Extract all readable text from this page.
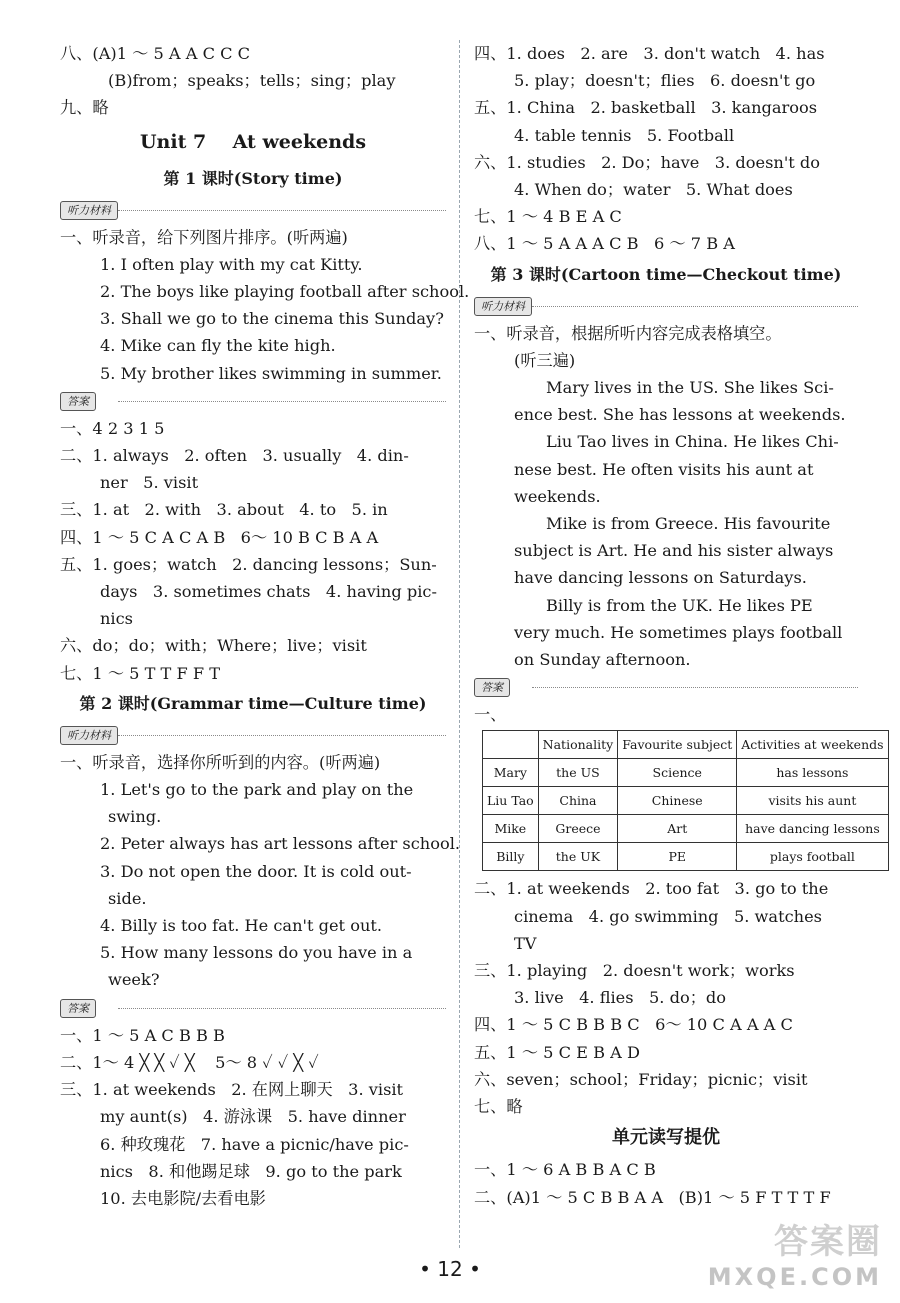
八、(A)1 ～ 5 A A C C C
(B)from；speaks；tells；sing；play
九、略
Unit 7    At weekends
第 1 课时(Story time)
听力材料
一、听录音，给下列图片排序。(听两遍)
1. I often play with my cat Kitty.
2. The boys like playing football after school.
3. Shall we go to the cinema this Sunday?
4. Mike can fly the kite high.
5. My brother likes swimming in summer.
答案
一、4 2 3 1 5
二、1. always   2. often   3. usually   4. din-
ner   5. visit
三、1. at   2. with   3. about   4. to   5. in
四、1 ～ 5 C A C A B   6～ 10 B C B A A
五、1. goes；watch   2. dancing lessons；Sun-
days   3. sometimes chats   4. having pic-
nics
六、do；do；with；Where；live；visit
七、1 ～ 5 T T F F T
第 2 课时(Grammar time—Culture time)
听力材料
一、听录音，选择你所听到的内容。(听两遍)
1. Let's go to the park and play on the
swing.
2. Peter always has art lessons after school.
3. Do not open the door. It is cold out-
side.
4. Billy is too fat. He can't get out.
5. How many lessons do you have in a
week?
答案
一、1 ～ 5 A C B B B
二、1～ 4 ╳ ╳ ✓ ╳    5～ 8 ✓ ✓ ╳ ✓
三、1. at weekends   2. 在网上聊天   3. visit
my aunt(s)   4. 游泳课   5. have dinner
6. 种玫瑰花   7. have a picnic/have pic-
nics   8. 和他踢足球   9. go to the park
10. 去电影院/去看电影
四、1. does   2. are   3. don't watch   4. has
5. play；doesn't；flies   6. doesn't go
五、1. China   2. basketball   3. kangaroos
4. table tennis   5. Football
六、1. studies   2. Do；have   3. doesn't do
4. When do；water   5. What does
七、1 ～ 4 B E A C
八、1 ～ 5 A A A C B   6 ～ 7 B A
第 3 课时(Cartoon time—Checkout time)
听力材料
一、听录音，根据所听内容完成表格填空。
(听三遍)
Mary lives in the US. She likes Sci-
ence best. She has lessons at weekends.
Liu Tao lives in China. He likes Chi-
nese best. He often visits his aunt at
weekends.
Mike is from Greece. His favourite
subject is Art. He and his sister always
have dancing lessons on Saturdays.
Billy is from the UK. He likes PE
very much. He sometimes plays football
on Sunday afternoon.
答案
一、
	Nationality	Favourite subject	Activities at weekends
Mary	the US	Science	has lessons
Liu Tao	China	Chinese	visits his aunt
Mike	Greece	Art	have dancing lessons
Billy	the UK	PE	plays football
二、1. at weekends   2. too fat   3. go to the
cinema   4. go swimming   5. watches
TV
三、1. playing   2. doesn't work；works
3. live   4. flies   5. do；do
四、1 ～ 5 C B B B C   6～ 10 C A A A C
五、1 ～ 5 C E B A D
六、seven；school；Friday；picnic；visit
七、略
单元读写提优
一、1 ～ 6 A B B A C B
二、(A)1 ～ 5 C B B A A   (B)1 ～ 5 F T T T F
• 12 •
答案圈
MXQE.COM
